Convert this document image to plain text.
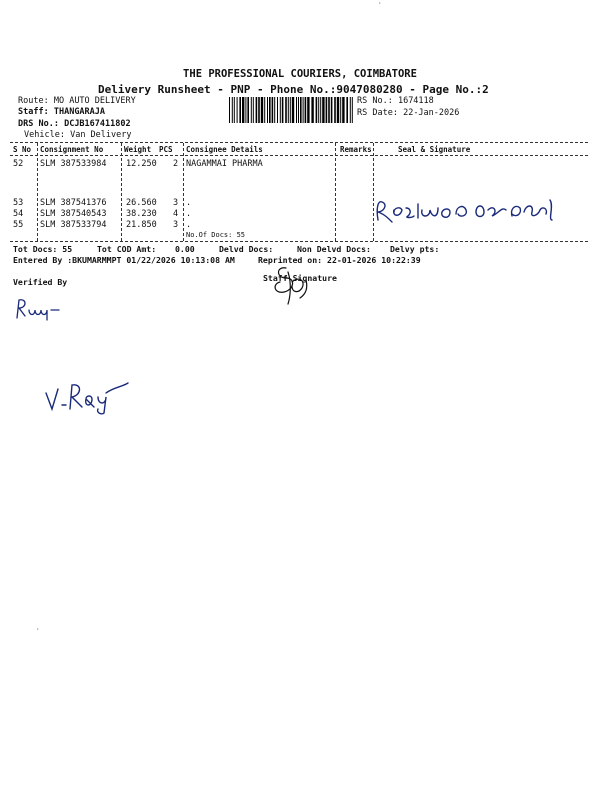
THE PROFESSIONAL COURIERS, COIMBATORE
Delivery Runsheet - PNP - Phone No.:9047080280 - Page No.:2
Route: MO AUTO DELIVERY
Staff: THANGARAJA
DRS No.: DCJB167411802
Vehicle: Van Delivery
RS No.: 1674118
RS Date: 22-Jan-2026
S No Consignment No	Weight PCS Consignee Details	Remarks	Seal & Signature
52 SLM 387533984 12.250 2 NAGAMMAI PHARMA
53 SLM 387541376 26.560 3 .
54 SLM 387540543 38.230 4 .
55 SLM 387533794 21.850 3 .
No.Of Docs: 55
Tot Docs: 55	Tot COD Amt: 0.00	Delvd Docs:	Non Delvd Docs: Delvy pts:
Entered By :BKUMARMMPT 01/22/2026 10:13:08 AM	Reprinted on: 22-01-2026 10:22:39
Verified By	Staff Signature
·
·
